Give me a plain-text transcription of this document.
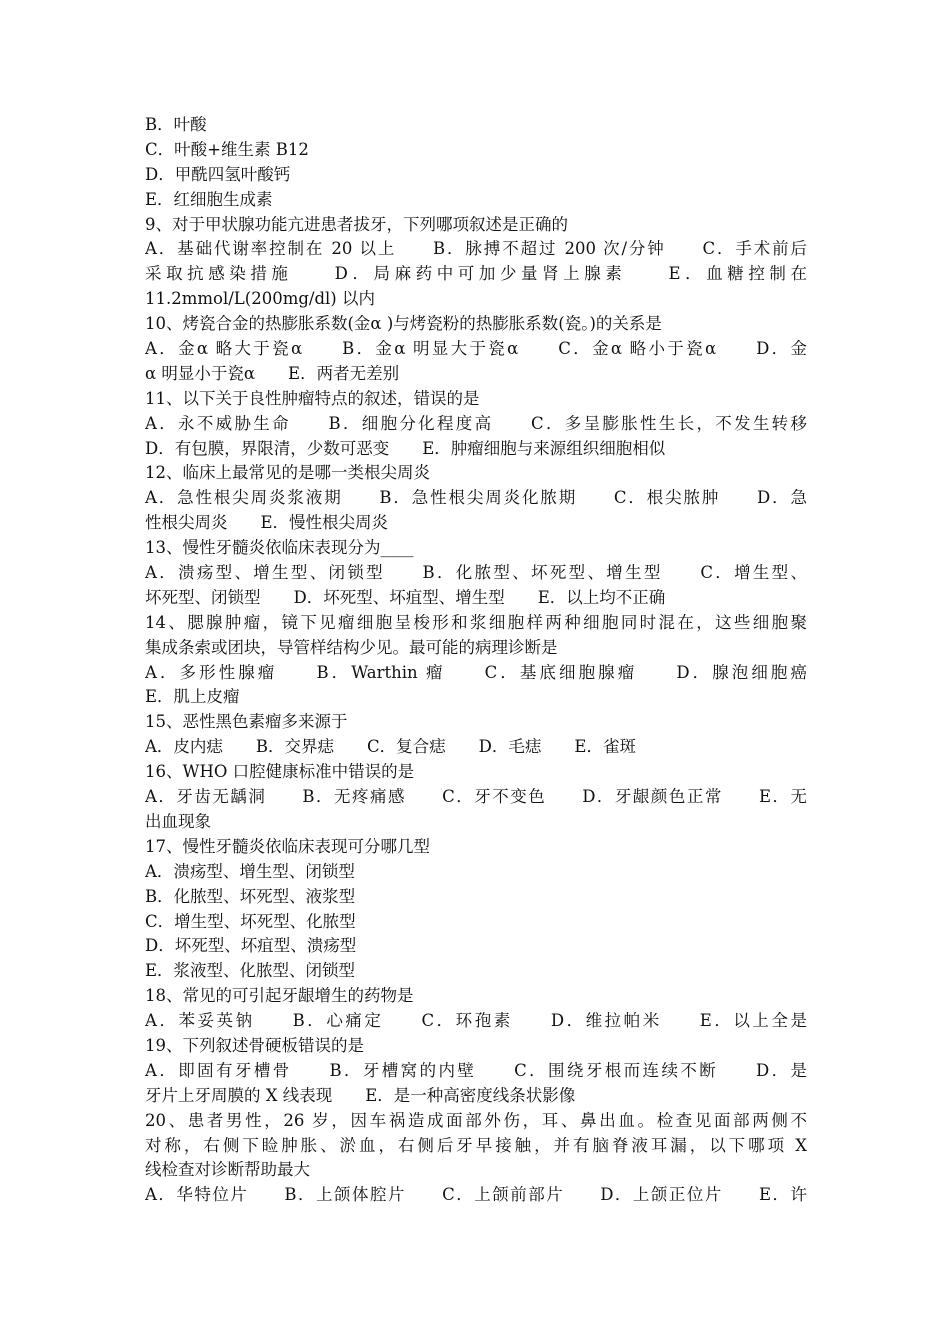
B．叶酸
C．叶酸+维生素 B12
D．甲酰四氢叶酸钙
E．红细胞生成素
9、对于甲状腺功能亢进患者拔牙，下列哪项叙述是正确的
A．基础代谢率控制在 20 以上　　B．脉搏不超过 200 次/分钟　　C．手术前后
采取抗感染措施　　D．局麻药中可加少量肾上腺素　　E．血糖控制在
11.2mmol/L(200mg/dl) 以内
10、烤瓷合金的热膨胀系数(金α )与烤瓷粉的热膨胀系数(瓷。)的关系是
A．金α 略大于瓷α　　B．金α 明显大于瓷α　　C．金α 略小于瓷α　　D．金
α 明显小于瓷α　　E．两者无差别
11、以下关于良性肿瘤特点的叙述，错误的是
A．永不威胁生命　　B．细胞分化程度高　　C．多呈膨胀性生长，不发生转移
D．有包膜，界限清，少数可恶变　　E．肿瘤细胞与来源组织细胞相似
12、临床上最常见的是哪一类根尖周炎
A．急性根尖周炎浆液期　　B．急性根尖周炎化脓期　　C．根尖脓肿　　D．急
性根尖周炎　　E．慢性根尖周炎
13、慢性牙髓炎依临床表现分为____
A．溃疡型、增生型、闭锁型　　B．化脓型、坏死型、增生型　　C．增生型、
坏死型、闭锁型　　D．坏死型、坏疽型、增生型　　E．以上均不正确
14、腮腺肿瘤，镜下见瘤细胞呈梭形和浆细胞样两种细胞同时混在，这些细胞聚
集成条索或团块，导管样结构少见。最可能的病理诊断是
A．多形性腺瘤　　B．Warthin 瘤　　C．基底细胞腺瘤　　D．腺泡细胞癌
E．肌上皮瘤
15、恶性黑色素瘤多来源于
A．皮内痣　　B．交界痣　　C．复合痣　　D．毛痣　　E．雀斑
16、WHO 口腔健康标准中错误的是
A．牙齿无龋洞　　B．无疼痛感　　C．牙不变色　　D．牙龈颜色正常　　E．无
出血现象
17、慢性牙髓炎依临床表现可分哪几型
A．溃疡型、增生型、闭锁型
B．化脓型、坏死型、液浆型
C．增生型、坏死型、化脓型
D．坏死型、坏疽型、溃疡型
E．浆液型、化脓型、闭锁型
18、常见的可引起牙龈增生的药物是
A．苯妥英钠　　B．心痛定　　C．环孢素　　D．维拉帕米　　E．以上全是
19、下列叙述骨硬板错误的是
A．即固有牙槽骨　　B．牙槽窝的内壁　　C．围绕牙根而连续不断　　D．是
牙片上牙周膜的 X 线表现　　E．是一种高密度线条状影像
20、患者男性，26 岁，因车祸造成面部外伤，耳、鼻出血。检查见面部两侧不
对称，右侧下睑肿胀、淤血，右侧后牙早接触，并有脑脊液耳漏，以下哪项 X
线检查对诊断帮助最大
A．华特位片　　B．上颌体腔片　　C．上颌前部片　　D．上颌正位片　　E．许
